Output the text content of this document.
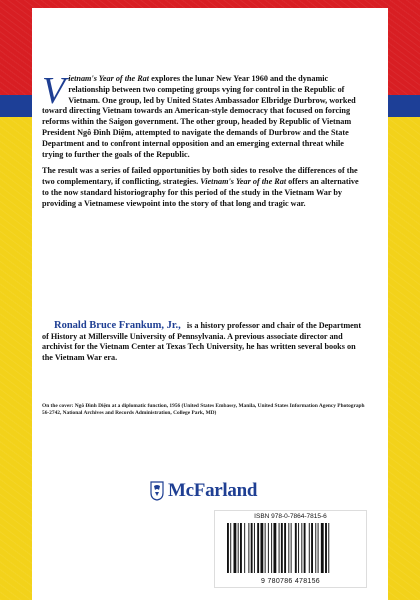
Vietnam's Year of the Rat explores the lunar New Year 1960 and the dynamic relationship between two competing groups vying for control in the Republic of Vietnam. One group, led by United States Ambassador Elbridge Durbrow, worked toward directing Vietnam towards an American-style democracy that focused on forcing reforms within the Saigon government. The other group, headed by Republic of Vietnam President Ngô Đình Diệm, attempted to navigate the demands of Durbrow and the State Department and to confront internal opposition and an emerging external threat while trying to further the goals of the Republic.

The result was a series of failed opportunities by both sides to resolve the differences of the two complementary, if conflicting, strategies. Vietnam's Year of the Rat offers an alternative to the now standard historiography for this period of the study in the Vietnam War by providing a Vietnamese viewpoint into the story of that long and tragic war.

Ronald Bruce Frankum, Jr., is a history professor and chair of the Department of History at Millersville University of Pennsylvania. A previous associate director and archivist for the Vietnam Center at Texas Tech University, he has written several books on the Vietnam War era.
On the cover: Ngô Đình Diệm at a diplomatic function, 1956 (United States Embassy, Manila, United States Information Agency Photograph 56-2742, National Archives and Records Administration, College Park, MD)
McFarland
ISBN 978-0-7864-7815-6
9 780786 478156
